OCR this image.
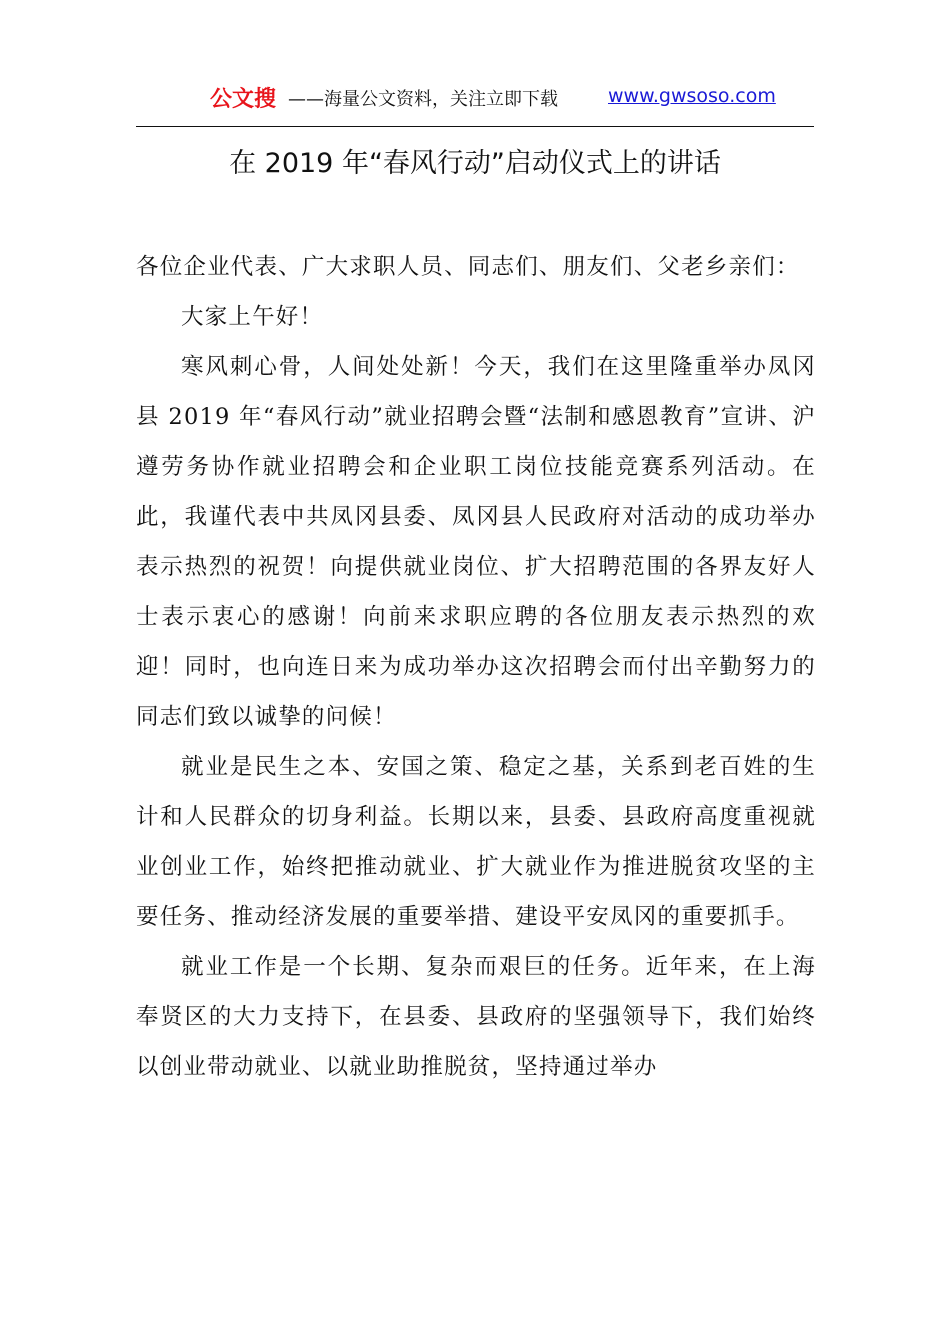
公文搜 ——海量公文资料，关注立即下载	www.gwsoso.com
在 2019 年“春风行动”启动仪式上的讲话

各位企业代表、广大求职人员、同志们、朋友们、父老乡亲们：

大家上午好！

寒风刺心骨，人间处处新！今天，我们在这里隆重举办凤冈县 2019 年“春风行动”就业招聘会暨“法制和感恩教育”宣讲、沪遵劳务协作就业招聘会和企业职工岗位技能竞赛系列活动。在此，我谨代表中共凤冈县委、凤冈县人民政府对活动的成功举办表示热烈的祝贺！向提供就业岗位、扩大招聘范围的各界友好人士表示衷心的感谢！向前来求职应聘的各位朋友表示热烈的欢迎！同时，也向连日来为成功举办这次招聘会而付出辛勤努力的同志们致以诚挚的问候！

就业是民生之本、安国之策、稳定之基，关系到老百姓的生计和人民群众的切身利益。长期以来，县委、县政府高度重视就业创业工作，始终把推动就业、扩大就业作为推进脱贫攻坚的主要任务、推动经济发展的重要举措、建设平安凤冈的重要抓手。

就业工作是一个长期、复杂而艰巨的任务。近年来，在上海奉贤区的大力支持下，在县委、县政府的坚强领导下，我们始终以创业带动就业、以就业助推脱贫，坚持通过举办
